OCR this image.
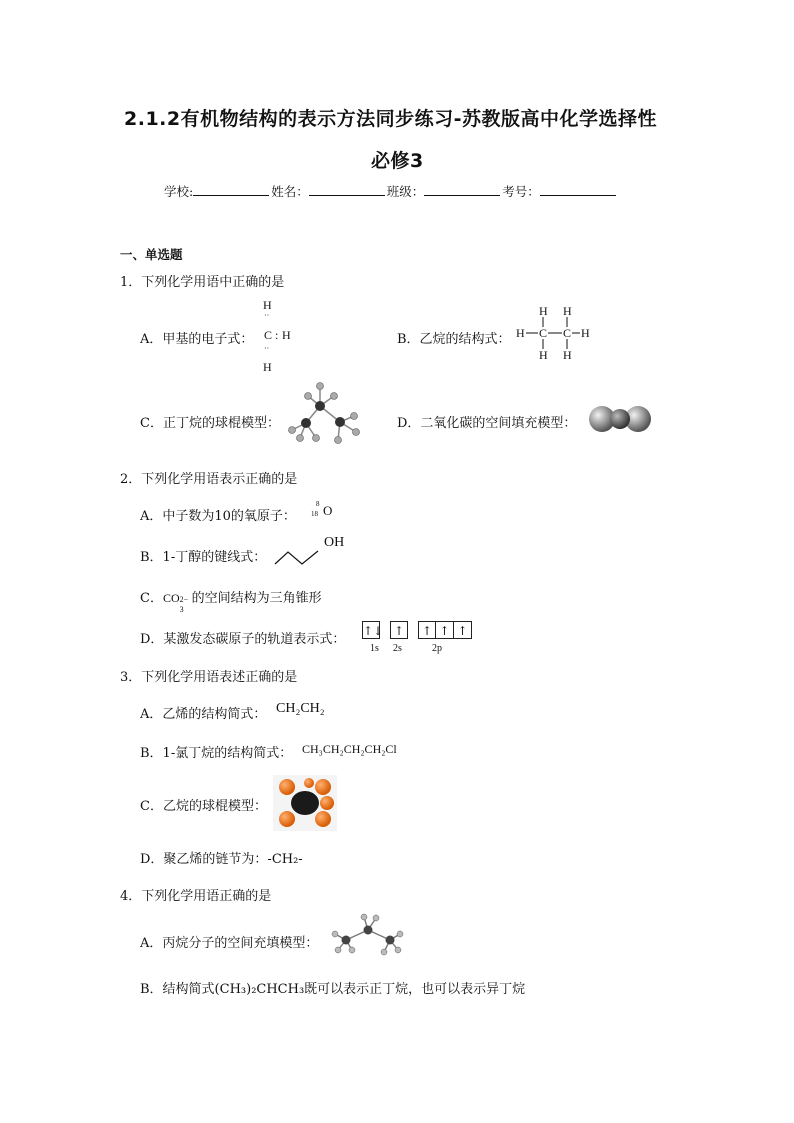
2.1.2有机物结构的表示方法同步练习-苏教版高中化学选择性
必修3
学校:	姓名：	班级：	考号：
一、单选题
1．下列化学用语中正确的是
A．甲基的电子式：
H
··
C : H
··
H
B．乙烷的结构式：
H H
H C C H
H H
C．正丁烷的球棍模型：	D．二氧化碳的空间填充模型：
2．下列化学用语表示正确的是
A．中子数为10的氧原子：
8
18 O
B．1-丁醇的键线式：
OH
C．CO 2−
3
的空间结构为三角锥形
D．某激发态碳原子的轨道表示式：
↑↓ ↑ ↑ ↑ ↑
1s 2s	2p
3．下列化学用语表述正确的是
A．乙烯的结构简式： CH₂CH₂
B．1-氯丁烷的结构简式： CH₃CH₂CH₂CH₂Cl
C．乙烷的球棍模型：
D．聚乙烯的链节为：-CH₂-
4．下列化学用语正确的是
A．丙烷分子的空间充填模型：
B．结构简式(CH₃)₂CHCH₃既可以表示正丁烷，也可以表示异丁烷
